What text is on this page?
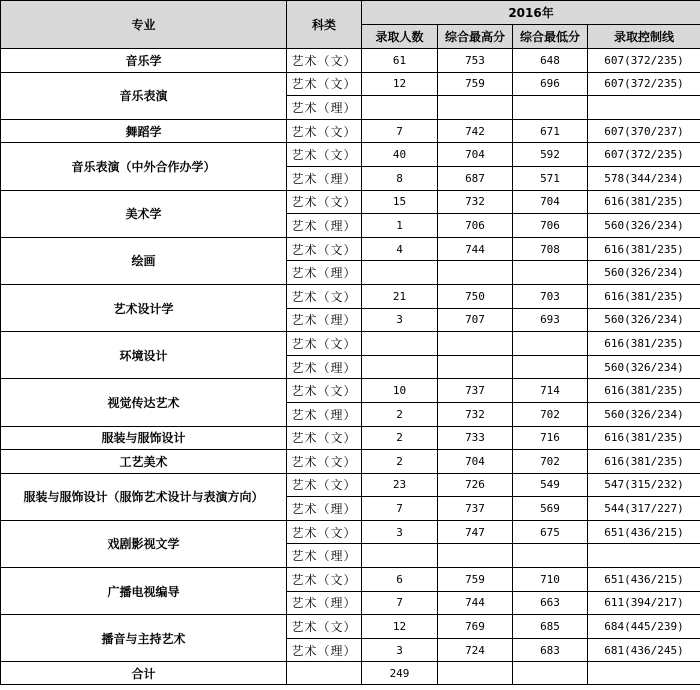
专业	科类	2016年			
		录取人数	综合最高分	综合最低分	录取控制线
音乐学	艺术（文）	61	753	648	607(372/235)
音乐表演	艺术（文）	12	759	696	607(372/235)
	艺术（理）				
舞蹈学	艺术（文）	7	742	671	607(370/237)
音乐表演（中外合作办学）	艺术（文）	40	704	592	607(372/235)
	艺术（理）	8	687	571	578(344/234)
美术学	艺术（文）	15	732	704	616(381/235)
	艺术（理）	1	706	706	560(326/234)
绘画	艺术（文）	4	744	708	616(381/235)
	艺术（理）				560(326/234)
艺术设计学	艺术（文）	21	750	703	616(381/235)
	艺术（理）	3	707	693	560(326/234)
环境设计	艺术（文）				616(381/235)
	艺术（理）				560(326/234)
视觉传达艺术	艺术（文）	10	737	714	616(381/235)
	艺术（理）	2	732	702	560(326/234)
服装与服饰设计	艺术（文）	2	733	716	616(381/235)
工艺美术	艺术（文）	2	704	702	616(381/235)
服装与服饰设计（服饰艺术设计与表演方向）	艺术（文）	23	726	549	547(315/232)
	艺术（理）	7	737	569	544(317/227)
戏剧影视文学	艺术（文）	3	747	675	651(436/215)
	艺术（理）				
广播电视编导	艺术（文）	6	759	710	651(436/215)
	艺术（理）	7	744	663	611(394/217)
播音与主持艺术	艺术（文）	12	769	685	684(445/239)
	艺术（理）	3	724	683	681(436/245)
合计		249			
